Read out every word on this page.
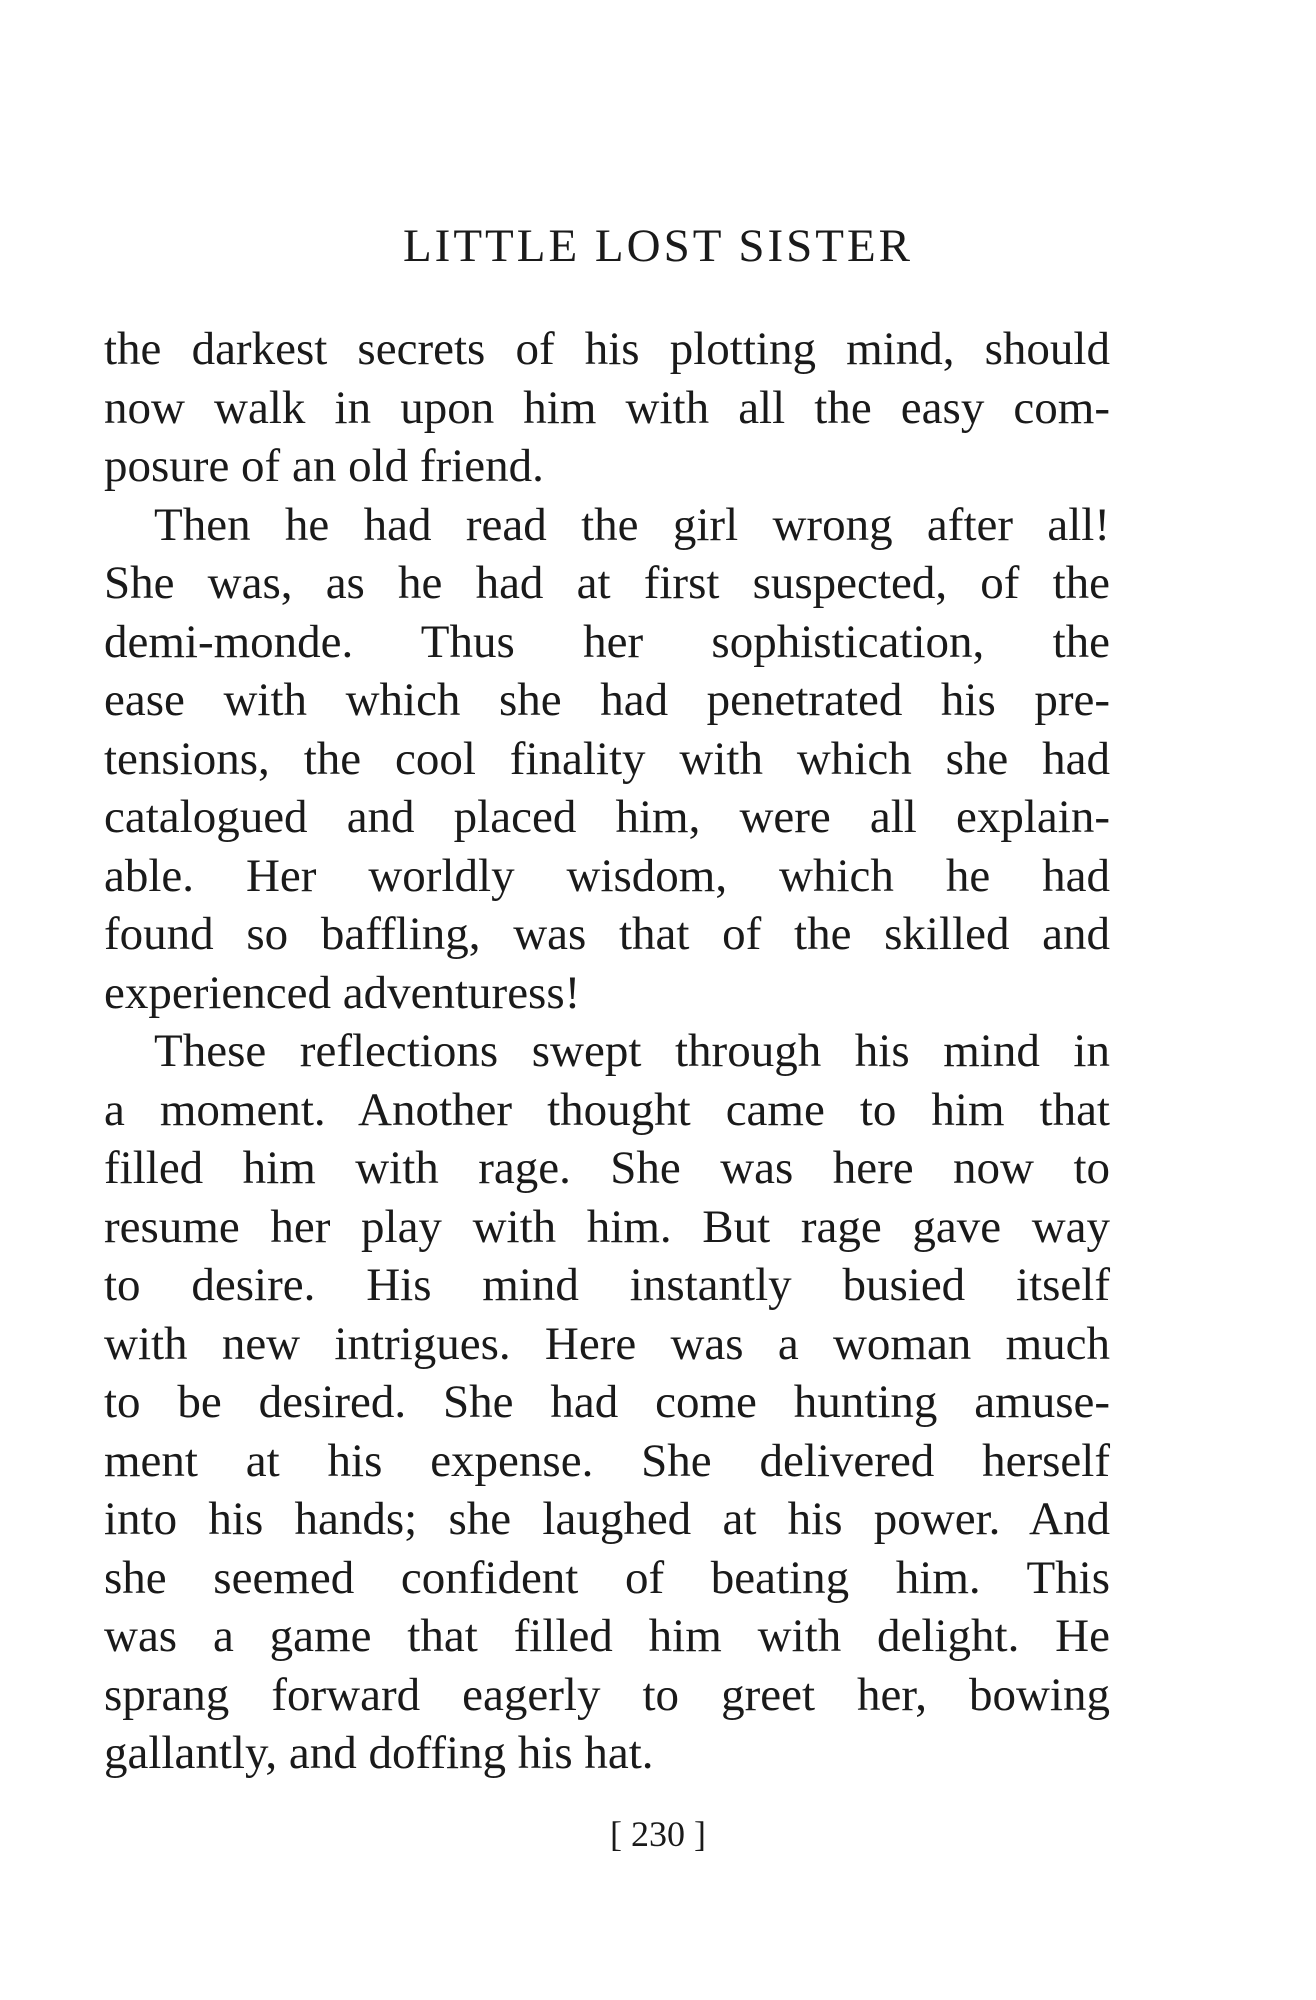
LITTLE LOST SISTER
the darkest secrets of his plotting mind, should
now walk in upon him with all the easy com-
posure of an old friend.
Then he had read the girl wrong after all!
She was, as he had at first suspected, of the
demi-monde. Thus her sophistication, the
ease with which she had penetrated his pre-
tensions, the cool finality with which she had
catalogued and placed him, were all explain-
able. Her worldly wisdom, which he had
found so baffling, was that of the skilled and
experienced adventuress!
These reflections swept through his mind in
a moment. Another thought came to him that
filled him with rage. She was here now to
resume her play with him. But rage gave way
to desire. His mind instantly busied itself
with new intrigues. Here was a woman much
to be desired. She had come hunting amuse-
ment at his expense. She delivered herself
into his hands; she laughed at his power. And
she seemed confident of beating him. This
was a game that filled him with delight. He
sprang forward eagerly to greet her, bowing
gallantly, and doffing his hat.
[ 230 ]
